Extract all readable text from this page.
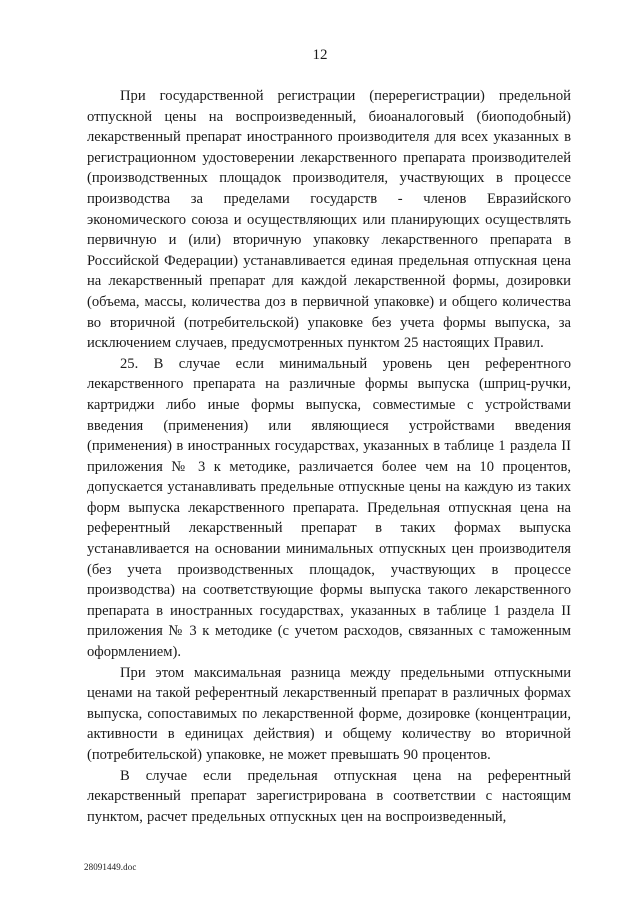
12

При государственной регистрации (перерегистрации) предельной отпускной цены на воспроизведенный, биоаналоговый (биоподобный) лекарственный препарат иностранного производителя для всех указанных в регистрационном удостоверении лекарственного препарата производителей (производственных площадок производителя, участвующих в процессе производства за пределами государств - членов Евразийского экономического союза и осуществляющих или планирующих осуществлять первичную и (или) вторичную упаковку лекарственного препарата в Российской Федерации) устанавливается единая предельная отпускная цена на лекарственный препарат для каждой лекарственной формы, дозировки (объема, массы, количества доз в первичной упаковке) и общего количества во вторичной (потребительской) упаковке без учета формы выпуска, за исключением случаев, предусмотренных пунктом 25 настоящих Правил.

25. В случае если минимальный уровень цен референтного лекарственного препарата на различные формы выпуска (шприц-ручки, картриджи либо иные формы выпуска, совместимые с устройствами введения (применения) или являющиеся устройствами введения (применения) в иностранных государствах, указанных в таблице 1 раздела II приложения № 3 к методике, различается более чем на 10 процентов, допускается устанавливать предельные отпускные цены на каждую из таких форм выпуска лекарственного препарата. Предельная отпускная цена на референтный лекарственный препарат в таких формах выпуска устанавливается на основании минимальных отпускных цен производителя (без учета производственных площадок, участвующих в процессе производства) на соответствующие формы выпуска такого лекарственного препарата в иностранных государствах, указанных в таблице 1 раздела II приложения № 3 к методике (с учетом расходов, связанных с таможенным оформлением).

При этом максимальная разница между предельными отпускными ценами на такой референтный лекарственный препарат в различных формах выпуска, сопоставимых по лекарственной форме, дозировке (концентрации, активности в единицах действия) и общему количеству во вторичной (потребительской) упаковке, не может превышать 90 процентов.

В случае если предельная отпускная цена на референтный лекарственный препарат зарегистрирована в соответствии с настоящим пунктом, расчет предельных отпускных цен на воспроизведенный,

28091449.doc
